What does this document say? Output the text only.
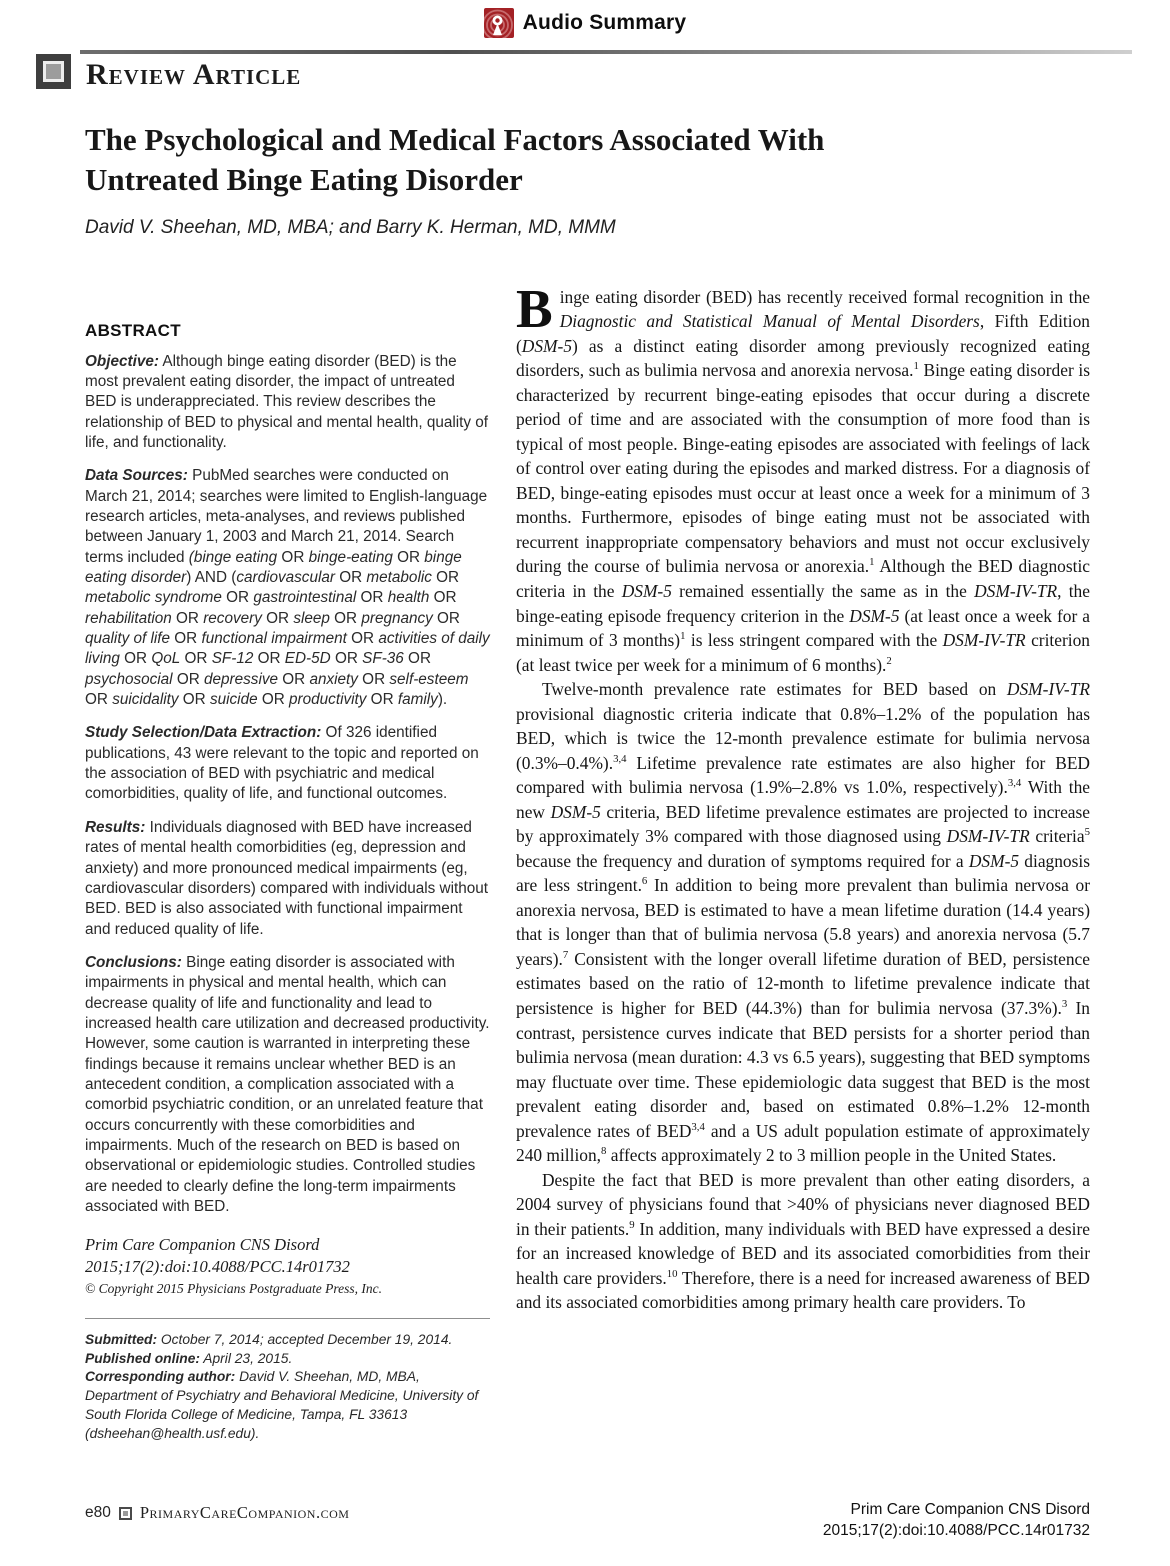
Audio Summary
Review Article
The Psychological and Medical Factors Associated With
Untreated Binge Eating Disorder
David V. Sheehan, MD, MBA; and Barry K. Herman, MD, MMM
ABSTRACT

Objective: Although binge eating disorder (BED) is the most prevalent eating disorder, the impact of untreated BED is underappreciated. This review describes the relationship of BED to physical and mental health, quality of life, and functionality.

Data Sources: PubMed searches were conducted on March 21, 2014; searches were limited to English-language research articles, meta-analyses, and reviews published between January 1, 2003 and March 21, 2014. Search terms included (binge eating OR binge-eating OR binge eating disorder) AND (cardiovascular OR metabolic OR metabolic syndrome OR gastrointestinal OR health OR rehabilitation OR recovery OR sleep OR pregnancy OR quality of life OR functional impairment OR activities of daily living OR QoL OR SF-12 OR ED-5D OR SF-36 OR psychosocial OR depressive OR anxiety OR self-esteem OR suicidality OR suicide OR productivity OR family).

Study Selection/Data Extraction: Of 326 identified publications, 43 were relevant to the topic and reported on the association of BED with psychiatric and medical comorbidities, quality of life, and functional outcomes.

Results: Individuals diagnosed with BED have increased rates of mental health comorbidities (eg, depression and anxiety) and more pronounced medical impairments (eg, cardiovascular disorders) compared with individuals without BED. BED is also associated with functional impairment and reduced quality of life.

Conclusions: Binge eating disorder is associated with impairments in physical and mental health, which can decrease quality of life and functionality and lead to increased health care utilization and decreased productivity. However, some caution is warranted in interpreting these findings because it remains unclear whether BED is an antecedent condition, a complication associated with a comorbid psychiatric condition, or an unrelated feature that occurs concurrently with these comorbidities and impairments. Much of the research on BED is based on observational or epidemiologic studies. Controlled studies are needed to clearly define the long-term impairments associated with BED.

Prim Care Companion CNS Disord
2015;17(2):doi:10.4088/PCC.14r01732
© Copyright 2015 Physicians Postgraduate Press, Inc.

Submitted: October 7, 2014; accepted December 19, 2014.

Published online: April 23, 2015.

Corresponding author: David V. Sheehan, MD, MBA, Department of Psychiatry and Behavioral Medicine, University of South Florida College of Medicine, Tampa, FL 33613 (dsheehan@health.usf.edu).

Binge eating disorder (BED) has recently received formal recognition in the Diagnostic and Statistical Manual of Mental Disorders, Fifth Edition (DSM-5) as a distinct eating disorder among previously recognized eating disorders, such as bulimia nervosa and anorexia nervosa.$^1$ Binge eating disorder is characterized by recurrent binge-eating episodes that occur during a discrete period of time and are associated with the consumption of more food than is typical of most people. Binge-eating episodes are associated with feelings of lack of control over eating during the episodes and marked distress. For a diagnosis of BED, binge-eating episodes must occur at least once a week for a minimum of 3 months. Furthermore, episodes of binge eating must not be associated with recurrent inappropriate compensatory behaviors and must not occur exclusively during the course of bulimia nervosa or anorexia.$^1$ Although the BED diagnostic criteria in the DSM-5 remained essentially the same as in the DSM-IV-TR, the binge-eating episode frequency criterion in the DSM-5 (at least once a week for a minimum of 3 months)$^1$ is less stringent compared with the DSM-IV-TR criterion (at least twice per week for a minimum of 6 months).$^2$

Twelve-month prevalence rate estimates for BED based on DSM-IV-TR provisional diagnostic criteria indicate that 0.8%–1.2% of the population has BED, which is twice the 12-month prevalence estimate for bulimia nervosa (0.3%–0.4%).$^{3,4}$ Lifetime prevalence rate estimates are also higher for BED compared with bulimia nervosa (1.9%–2.8% vs 1.0%, respectively).$^{3,4}$ With the new DSM-5 criteria, BED lifetime prevalence estimates are projected to increase by approximately 3% compared with those diagnosed using DSM-IV-TR criteria$^5$ because the frequency and duration of symptoms required for a DSM-5 diagnosis are less stringent.$^6$ In addition to being more prevalent than bulimia nervosa or anorexia nervosa, BED is estimated to have a mean lifetime duration (14.4 years) that is longer than that of bulimia nervosa (5.8 years) and anorexia nervosa (5.7 years).$^7$ Consistent with the longer overall lifetime duration of BED, persistence estimates based on the ratio of 12-month to lifetime prevalence indicate that persistence is higher for BED (44.3%) than for bulimia nervosa (37.3%).$^3$ In contrast, persistence curves indicate that BED persists for a shorter period than bulimia nervosa (mean duration: 4.3 vs 6.5 years), suggesting that BED symptoms may fluctuate over time. These epidemiologic data suggest that BED is the most prevalent eating disorder and, based on estimated 0.8%–1.2% 12-month prevalence rates of BED$^{3,4}$ and a US adult population estimate of approximately 240 million,$^8$ affects approximately 2 to 3 million people in the United States.

Despite the fact that BED is more prevalent than other eating disorders, a 2004 survey of physicians found that >40% of physicians never diagnosed BED in their patients.$^9$ In addition, many individuals with BED have expressed a desire for an increased knowledge of BED and its associated comorbidities from their health care providers.$^{10}$ Therefore, there is a need for increased awareness of BED and its associated comorbidities among primary health care providers. To

e80 PrimaryCareCompanion.com	Prim Care Companion CNS Disord
2015;17(2):doi:10.4088/PCC.14r01732
